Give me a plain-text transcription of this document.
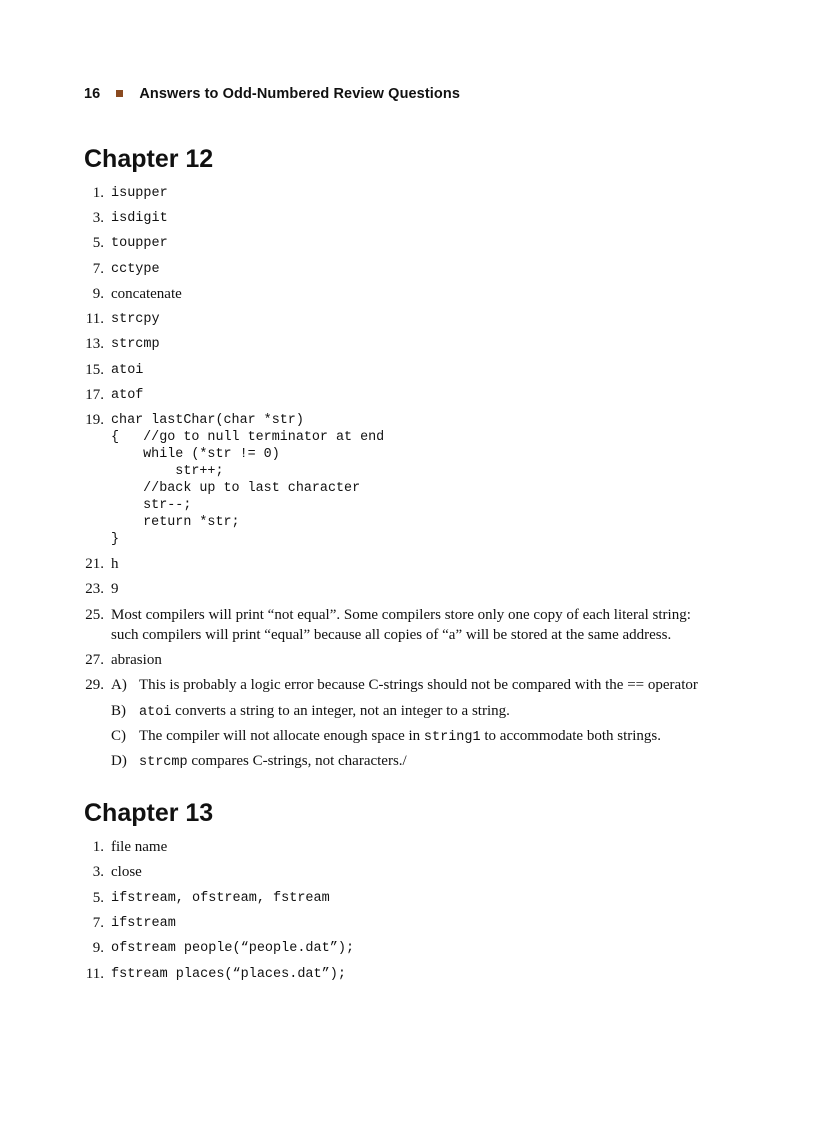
16	Answers to Odd-Numbered Review Questions
Chapter 12
1. isupper
3. isdigit
5. toupper
7. cctype
9. concatenate
11. strcpy
13. strcmp
15. atoi
17. atof
19. char lastChar(char *str)
{   //go to null terminator at end
while (*str != 0)
str++;
//back up to last character
str--;
return *str;
}
21. h
23. 9
25. Most compilers will print “not equal”. Some compilers store only one copy of each literal string:
such compilers will print “equal” because all copies of “a” will be stored at the same address.
27. abrasion
29. A) This is probably a logic error because C-strings should not be compared with the == operator
B) atoi converts a string to an integer, not an integer to a string.
C) The compiler will not allocate enough space in string1 to accommodate both strings.
D) strcmp compares C-strings, not characters./
Chapter 13
1. file name
3. close
5. ifstream, ofstream, fstream
7. ifstream
9. ofstream people(“people.dat”);
11. fstream places(“places.dat”);
